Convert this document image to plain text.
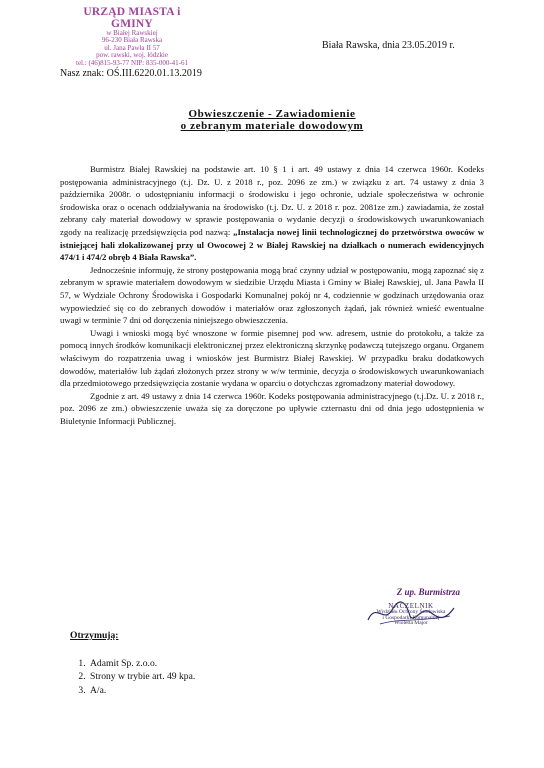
URZĄD MIASTA i GMINY
w Białej Rawskiej
96-230 Biała Rawska
ul. Jana Pawła II 57
pow. rawski, woj. łódzkie
tel.: (46)815-93-77 NIP: 835-000-41-61
Biała Rawska, dnia 23.05.2019 r.
Nasz znak: OŚ.III.6220.01.13.2019
Obwieszczenie - Zawiadomienie
o zebranym materiale dowodowym

Burmistrz Białej Rawskiej na podstawie art. 10 § 1 i art. 49 ustawy z dnia 14 czerwca 1960r. Kodeks postępowania administracyjnego (t.j. Dz. U. z 2018 r., poz. 2096 ze zm.) w związku z art. 74 ustawy z dnia 3 października 2008r. o udostępnianiu informacji o środowisku i jego ochronie, udziale społeczeństwa w ochronie środowiska oraz o ocenach oddziaływania na środowisko (t.j. Dz. U. z 2018 r. poz. 2081ze zm.) zawiadamia, że został zebrany cały materiał dowodowy w sprawie postępowania o wydanie decyzji o środowiskowych uwarunkowaniach zgody na realizację przedsięwzięcia pod nazwą: „Instalacja nowej linii technologicznej do przetwórstwa owoców w istniejącej hali zlokalizowanej przy ul Owocowej 2 w Białej Rawskiej na działkach o numerach ewidencyjnych 474/1 i 474/2 obręb 4 Biała Rawska”.

Jednocześnie informuję, że strony postępowania mogą brać czynny udział w postępowaniu, mogą zapoznać się z zebranym w sprawie materiałem dowodowym w siedzibie Urzędu Miasta i Gminy w Białej Rawskiej, ul. Jana Pawła II 57, w Wydziale Ochrony Środowiska i Gospodarki Komunalnej pokój nr 4, codziennie w godzinach urzędowania oraz wypowiedzieć się co do zebranych dowodów i materiałów oraz zgłoszonych żądań, jak również wnieść ewentualne uwagi w terminie 7 dni od doręczenia niniejszego obwieszczenia.

Uwagi i wnioski mogą być wnoszone w formie pisemnej pod ww. adresem, ustnie do protokołu, a także za pomocą innych środków komunikacji elektronicznej przez elektroniczną skrzynkę podawczą tutejszego organu. Organem właściwym do rozpatrzenia uwag i wniosków jest Burmistrz Białej Rawskiej. W przypadku braku dodatkowych dowodów, materiałów lub żądań złożonych przez strony w w/w terminie, decyzja o środowiskowych uwarunkowaniach dla przedmiotowego przedsięwzięcia zostanie wydana w oparciu o dotychczas zgromadzony materiał dowodowy.

Zgodnie z art. 49 ustawy z dnia 14 czerwca 1960r. Kodeks postępowania administracyjnego (t.j.Dz. U. z 2018 r., poz. 2096 ze zm.) obwieszczenie uważa się za doręczone po upływie czternastu dni od dnia jego udostępnienia w Biuletynie Informacji Publicznej.

Z up. Burmistrza
NACZELNIK
Wydziału Ochrony Środowiska
i Gospodarki Komunalnej
Wioletta Major
Otrzymują:
1. Adamit Sp. z.o.o.
2. Strony w trybie art. 49 kpa.
3. A/a.
